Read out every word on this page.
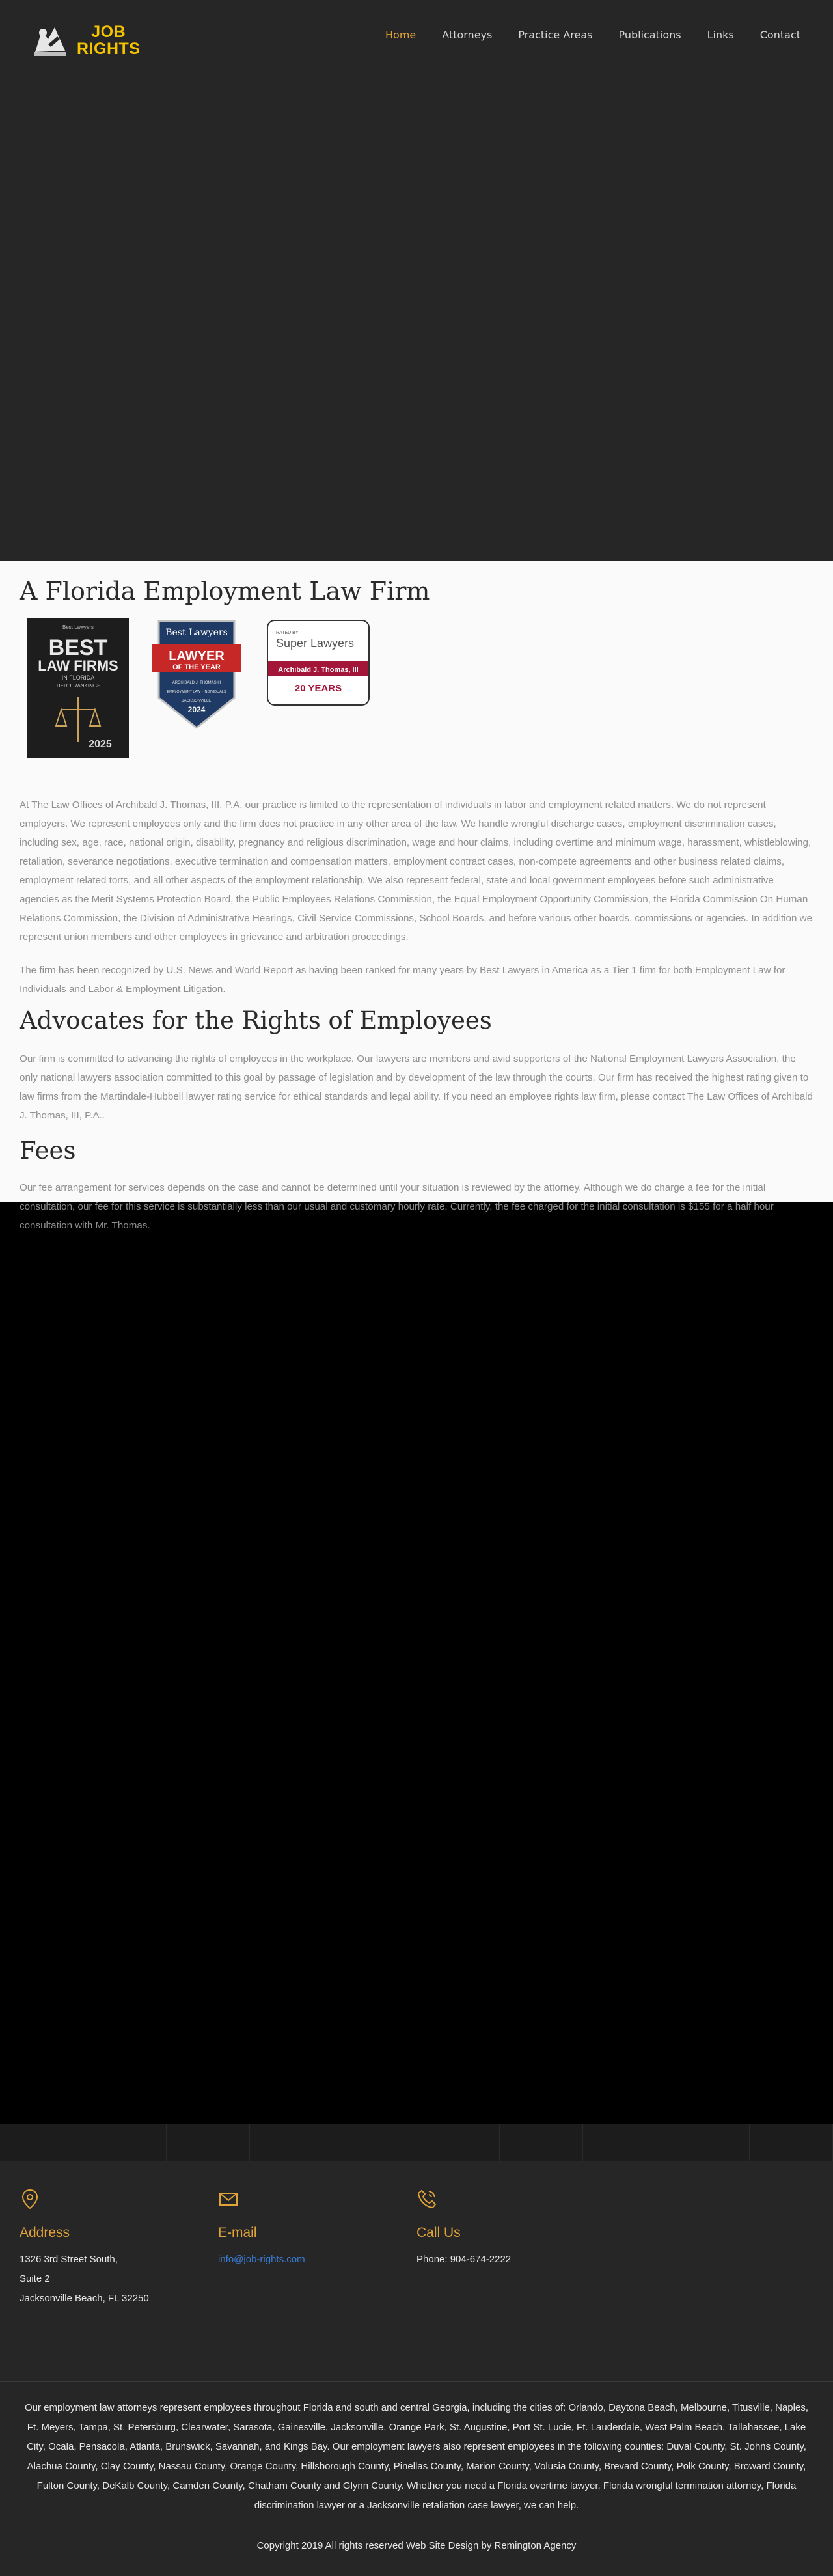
JOB RIGHTS
Home	Attorneys	Practice Areas	Publications	Links	Contact
A Florida Employment Law Firm
Best Lawyers
BEST
LAW FIRMS
IN FLORIDA
TIER 1 RANKINGS
2025
Best Lawyers
LAWYER
OF THE YEAR
ARCHIBALD J. THOMAS III
EMPLOYMENT LAW - INDIVIDUALS
JACKSONVILLE
2024
RATED BY
Super Lawyers
Archibald J. Thomas, III
20 YEARS

At The Law Offices of Archibald J. Thomas, III, P.A. our practice is limited to the representation of individuals in labor and employment related matters. We do not represent employers. We represent employees only and the firm does not practice in any other area of the law. We handle wrongful discharge cases, employment discrimination cases, including sex, age, race, national origin, disability, pregnancy and religious discrimination, wage and hour claims, including overtime and minimum wage, harassment, whistleblowing, retaliation, severance negotiations, executive termination and compensation matters, employment contract cases, non-compete agreements and other business related claims, employment related torts, and all other aspects of the employment relationship. We also represent federal, state and local government employees before such administrative agencies as the Merit Systems Protection Board, the Public Employees Relations Commission, the Equal Employment Opportunity Commission, the Florida Commission On Human Relations Commission, the Division of Administrative Hearings, Civil Service Commissions, School Boards, and before various other boards, commissions or agencies. In addition we represent union members and other employees in grievance and arbitration proceedings.

The firm has been recognized by U.S. News and World Report as having been ranked for many years by Best Lawyers in America as a Tier 1 firm for both Employment Law for Individuals and Labor & Employment Litigation.

Advocates for the Rights of Employees

Our firm is committed to advancing the rights of employees in the workplace. Our lawyers are members and avid supporters of the National Employment Lawyers Association, the only national lawyers association committed to this goal by passage of legislation and by development of the law through the courts. Our firm has received the highest rating given to law firms from the Martindale-Hubbell lawyer rating service for ethical standards and legal ability. If you need an employee rights law firm, please contact The Law Offices of Archibald J. Thomas, III, P.A..

Fees

Our fee arrangement for services depends on the case and cannot be determined until your situation is reviewed by the attorney. Although we do charge a fee for the initial consultation, our fee for this service is substantially less than our usual and customary hourly rate. Currently, the fee charged for the initial consultation is $155 for a half hour consultation with Mr. Thomas.

Address
1326 3rd Street South,
Suite 2
Jacksonville Beach, FL 32250
E-mail
info@job-rights.com
Call Us
Phone: 904-674-2222

Our employment law attorneys represent employees throughout Florida and south and central Georgia, including the cities of: Orlando, Daytona Beach, Melbourne, Titusville, Naples, Ft. Meyers, Tampa, St. Petersburg, Clearwater, Sarasota, Gainesville, Jacksonville, Orange Park, St. Augustine, Port St. Lucie, Ft. Lauderdale, West Palm Beach, Tallahassee, Lake City, Ocala, Pensacola, Atlanta, Brunswick, Savannah, and Kings Bay. Our employment lawyers also represent employees in the following counties: Duval County, St. Johns County, Alachua County, Clay County, Nassau County, Orange County, Hillsborough County, Pinellas County, Marion County, Volusia County, Brevard County, Polk County, Broward County, Fulton County, DeKalb County, Camden County, Chatham County and Glynn County. Whether you need a Florida overtime lawyer, Florida wrongful termination attorney, Florida discrimination lawyer or a Jacksonville retaliation case lawyer, we can help.

Copyright 2019 All rights reserved Web Site Design by Remington Agency
